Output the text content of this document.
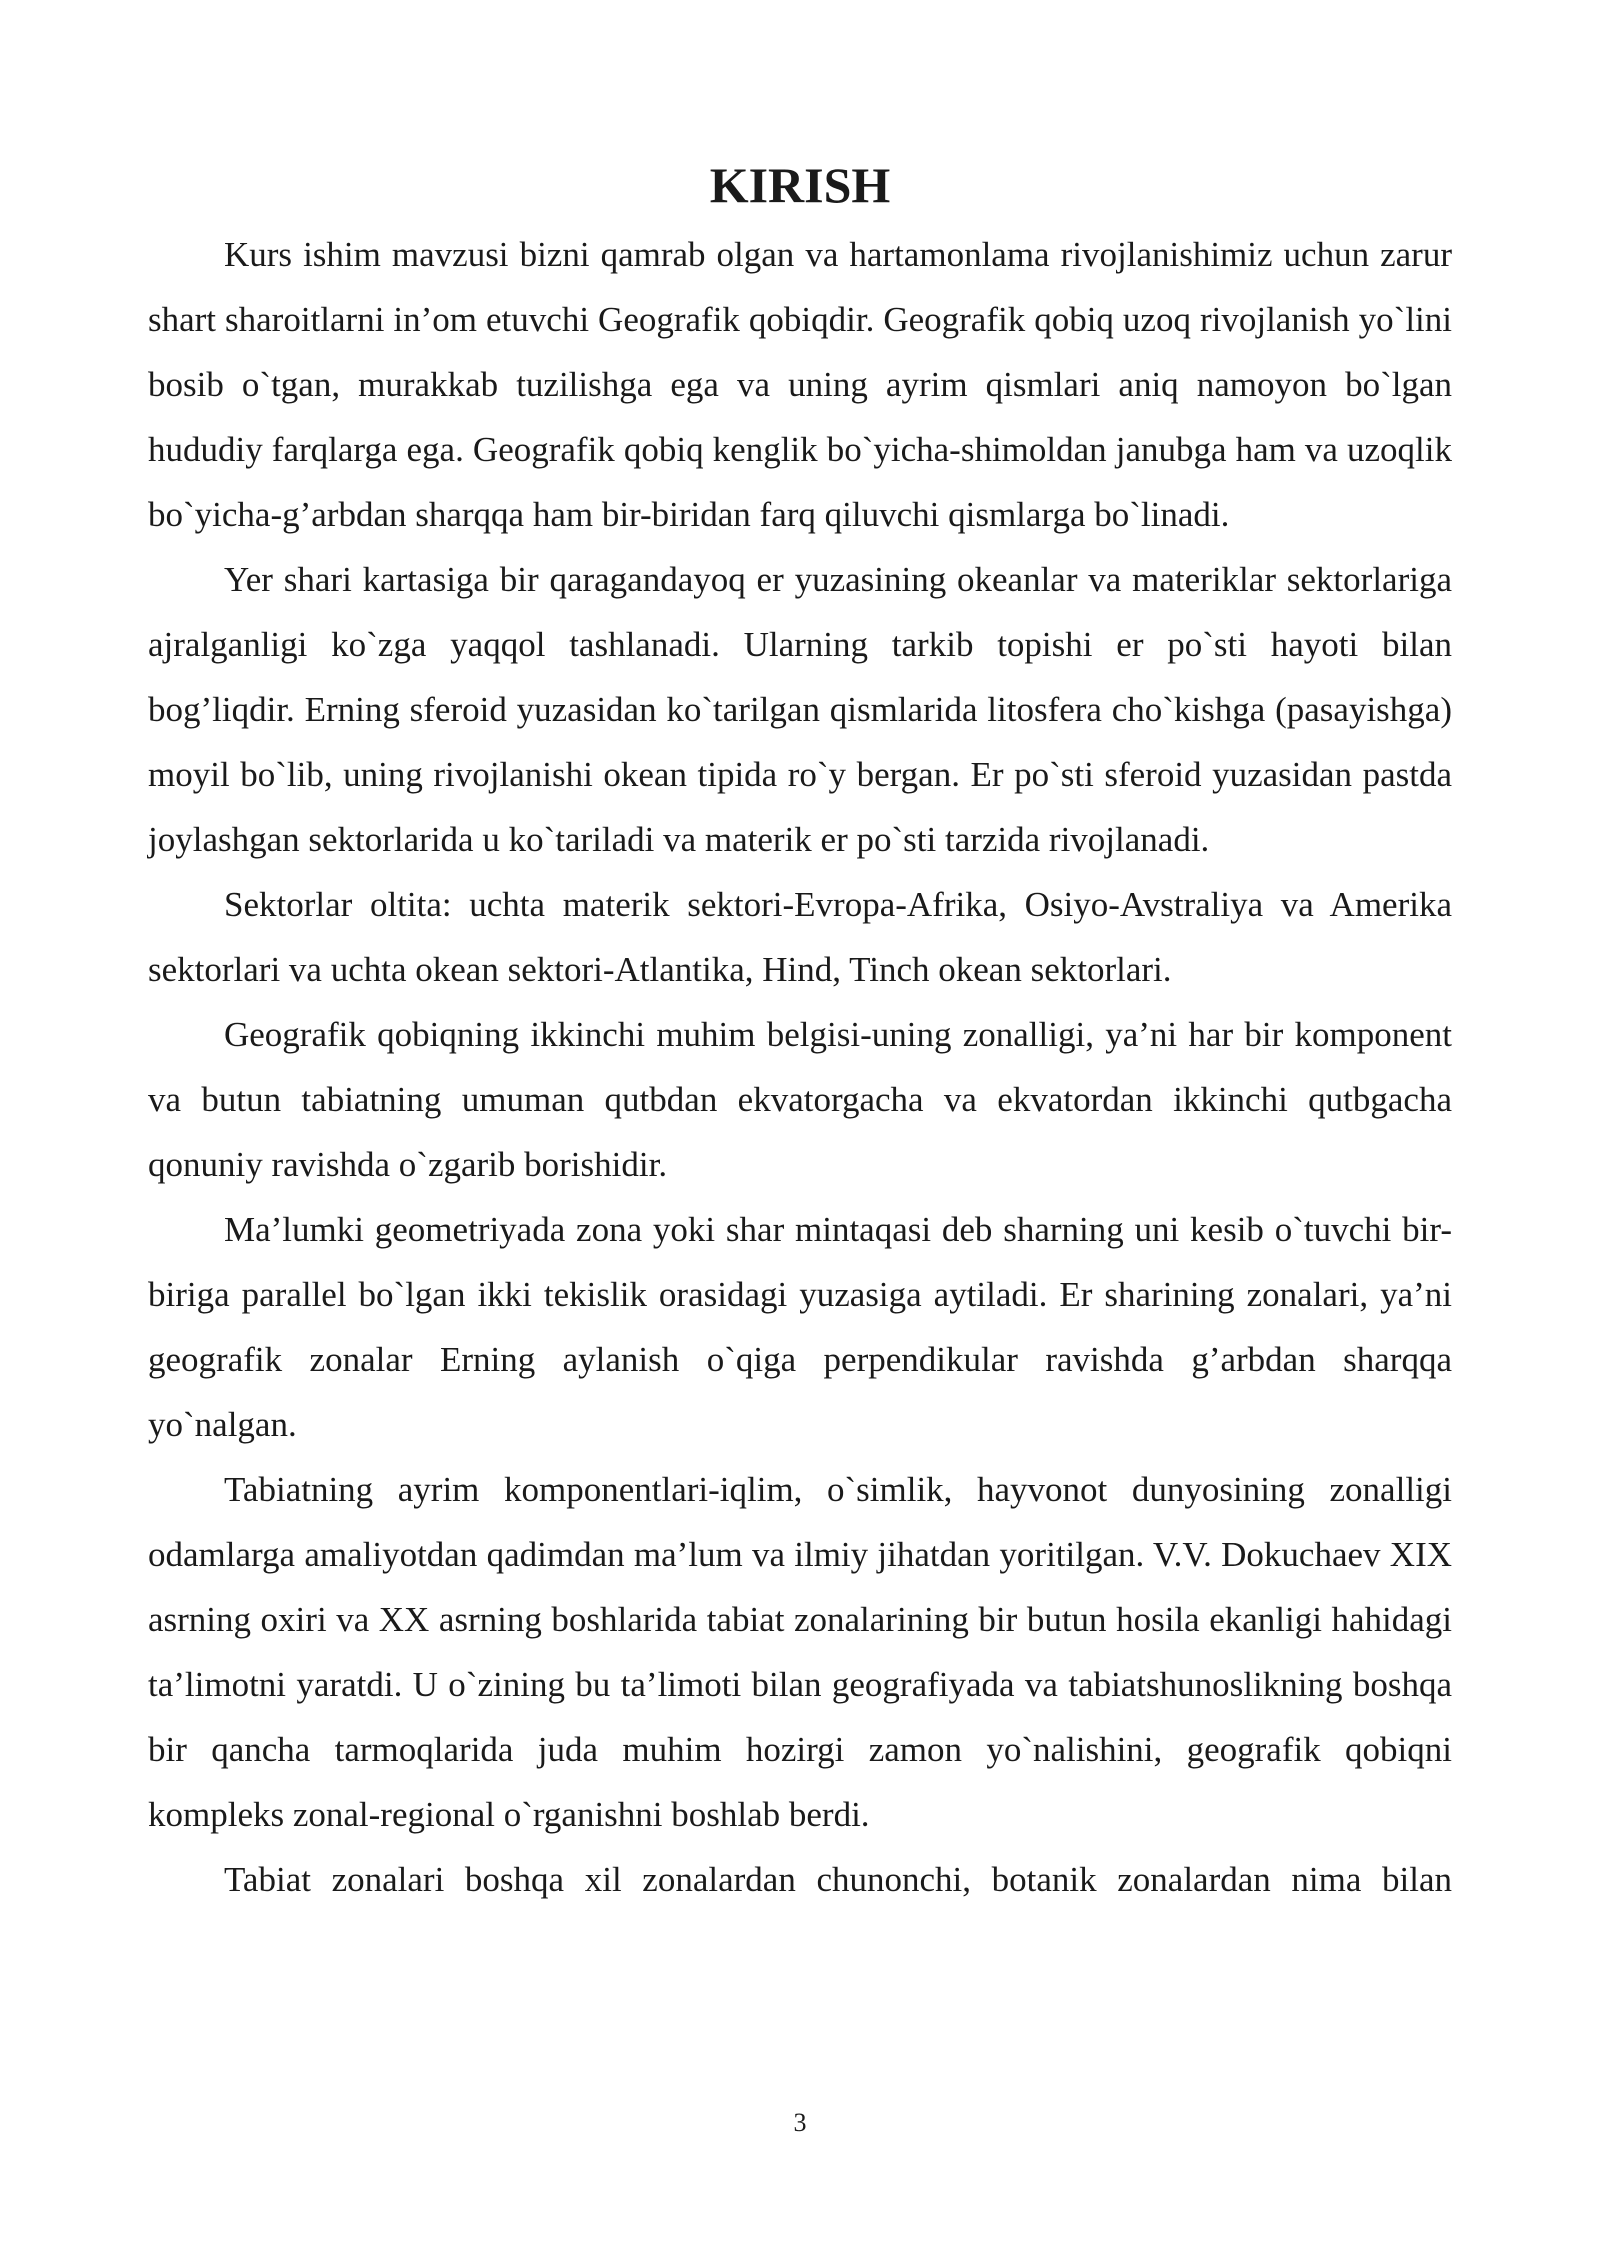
KIRISH

Kurs ishim mavzusi bizni qamrab olgan va hartamonlama rivojlanishimiz uchun zarur shart sharoitlarni in’om etuvchi Geografik qobiqdir. Geografik qobiq uzoq rivojlanish yo`lini bosib o`tgan, murakkab tuzilishga ega va uning ayrim qismlari aniq namoyon bo`lgan hududiy farqlarga ega. Geografik qobiq kenglik bo`yicha-shimoldan janubga ham va uzoqlik bo`yicha-g’arbdan sharqqa ham bir-biridan farq qiluvchi qismlarga bo`linadi.

Yer shari kartasiga bir qaragandayoq er yuzasining okeanlar va materiklar sektorlariga ajralganligi ko`zga yaqqol tashlanadi. Ularning tarkib topishi er po`sti hayoti bilan bog’liqdir. Erning sferoid yuzasidan ko`tarilgan qismlarida litosfera cho`kishga (pasayishga) moyil bo`lib, uning rivojlanishi okean tipida ro`y bergan. Er po`sti sferoid yuzasidan pastda joylashgan sektorlarida u ko`tariladi va materik er po`sti tarzida rivojlanadi.

Sektorlar oltita: uchta materik sektori-Evropa-Afrika, Osiyo-Avstraliya va Amerika sektorlari va uchta okean sektori-Atlantika, Hind, Tinch okean sektorlari.

Geografik qobiqning ikkinchi muhim belgisi-uning zonalligi, ya’ni har bir komponent va butun tabiatning umuman qutbdan ekvatorgacha va ekvatordan ikkinchi qutbgacha qonuniy ravishda o`zgarib borishidir.

Ma’lumki geometriyada zona yoki shar mintaqasi deb sharning uni kesib o`tuvchi bir-biriga parallel bo`lgan ikki tekislik orasidagi yuzasiga aytiladi. Er sharining zonalari, ya’ni geografik zonalar Erning aylanish o`qiga perpendikular ravishda g’arbdan sharqqa yo`nalgan.

Tabiatning ayrim komponentlari-iqlim, o`simlik, hayvonot dunyosining zonalligi odamlarga amaliyotdan qadimdan ma’lum va ilmiy jihatdan yoritilgan. V.V. Dokuchaev XIX asrning oxiri va XX asrning boshlarida tabiat zonalarining bir butun hosila ekanligi hahidagi ta’limotni yaratdi. U o`zining bu ta’limoti bilan geografiyada va tabiatshunoslikning boshqa bir qancha tarmoqlarida juda muhim hozirgi zamon yo`nalishini, geografik qobiqni kompleks zonal-regional o`rganishni boshlab berdi.

Tabiat zonalari boshqa xil zonalardan chunonchi, botanik zonalardan nima bilan

3
